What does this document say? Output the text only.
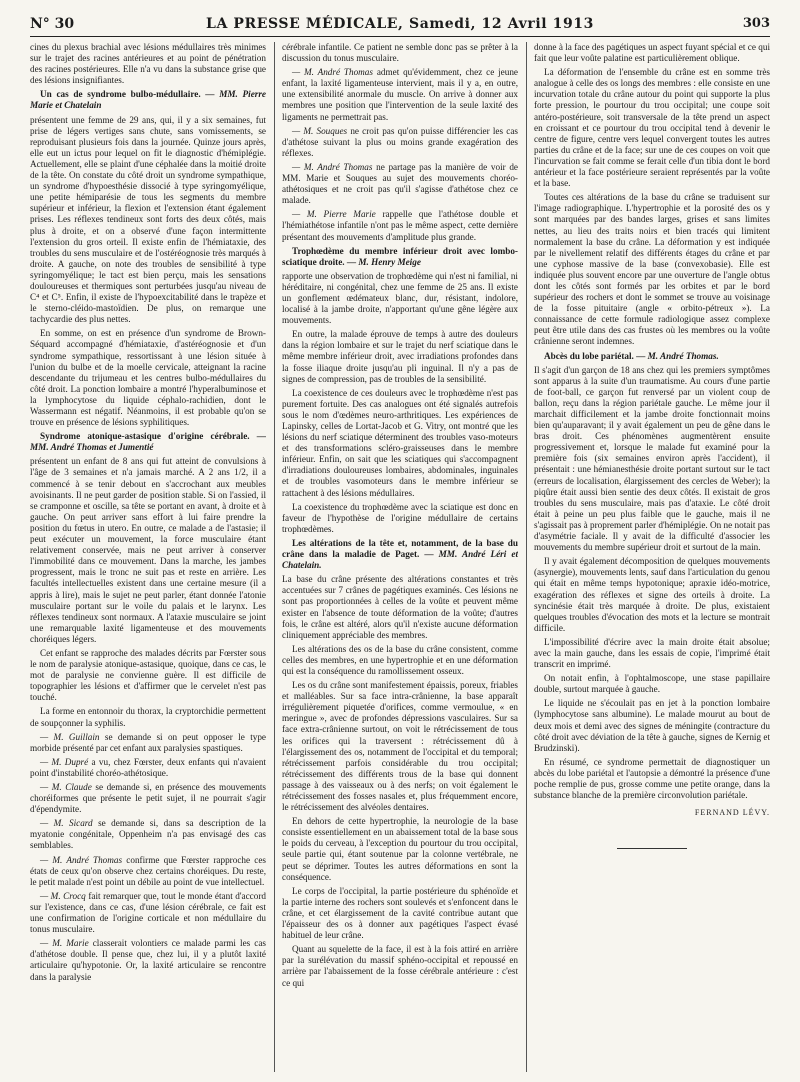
N° 30	LA PRESSE MÉDICALE, Samedi, 12 Avril 1913	303

cines du plexus brachial avec lésions médullaires très minimes sur le trajet des racines antérieures et au point de pénétration des racines postérieures. Elle n'a vu dans la substance grise que des lésions insignifiantes.

Un cas de syndrome bulbo-médullaire. — MM. Pierre Marie et Chatelain

présentent une femme de 29 ans, qui, il y a six semaines, fut prise de légers vertiges sans chute, sans vomissements, se reproduisant plusieurs fois dans la journée. Quinze jours après, elle eut un ictus pour lequel on fit le diagnostic d'hémiplégie. Actuellement, elle se plaint d'une céphalée dans la moitié droite de la tête. On constate du côté droit un syndrome sympathique, un syndrome d'hypoesthésie dissocié à type syringomyélique, une petite hémiparésie de tous les segments du membre supérieur et inférieur, la flexion et l'extension étant également prises. Les réflexes tendineux sont forts des deux côtés, mais plus à droite, et on a observé d'une façon intermittente l'extension du gros orteil. Il existe enfin de l'hémiataxie, des troubles du sens musculaire et de l'ostéréognosie très marqués à droite. A gauche, on note des troubles de sensibilité à type syringomyélique; le tact est bien perçu, mais les sensations douloureuses et thermiques sont perturbées jusqu'au niveau de C⁴ et C⁵. Enfin, il existe de l'hypoexcitabilité dans le trapèze et le sterno-cléido-mastoïdien. De plus, on remarque une tachycardie des plus nettes.

En somme, on est en présence d'un syndrome de Brown-Séquard accompagné d'hémiataxie, d'astéréognosie et d'un syndrome sympathique, ressortissant à une lésion située à l'union du bulbe et de la moelle cervicale, atteignant la racine descendante du trijumeau et les centres bulbo-médullaires du côté droit. La ponction lombaire a montré l'hyperalbuminose et la lymphocytose du liquide céphalo-rachidien, dont le Wassermann est négatif. Néanmoins, il est probable qu'on se trouve en présence de lésions syphilitiques.

Syndrome atonique-astasique d'origine cérébrale. — MM. André Thomas et Jumentié

présentent un enfant de 8 ans qui fut atteint de convulsions à l'âge de 3 semaines et n'a jamais marché. A 2 ans 1/2, il a commencé à se tenir debout en s'accrochant aux meubles avoisinants. Il ne peut garder de position stable. Si on l'assied, il se cramponne et oscille, sa tête se portant en avant, à droite et à gauche. On peut arriver sans effort à lui faire prendre la position du fœtus in utero. En outre, ce malade a de l'astasie; il peut exécuter un mouvement, la force musculaire étant relativement conservée, mais ne peut arriver à conserver l'immobilité dans ce mouvement. Dans la marche, les jambes progressent, mais le tronc ne suit pas et reste en arrière. Les facultés intellectuelles existent dans une certaine mesure (il a appris à lire), mais le sujet ne peut parler, étant donnée l'atonie musculaire portant sur le voile du palais et le larynx. Les réflexes tendineux sont normaux. A l'ataxie musculaire se joint une remarquable laxité ligamenteuse et des mouvements choréiques légers.

Cet enfant se rapproche des malades décrits par Fœrster sous le nom de paralysie atonique-astasique, quoique, dans ce cas, le mot de paralysie ne convienne guère. Il est difficile de topographier les lésions et d'affirmer que le cervelet n'est pas touché.

La forme en entonnoir du thorax, la cryptorchidie permettent de soupçonner la syphilis.

— M. Guillain se demande si on peut opposer le type morbide présenté par cet enfant aux paralysies spastiques.

— M. Dupré a vu, chez Fœrster, deux enfants qui n'avaient point d'instabilité choréo-athétosique.

— M. Claude se demande si, en présence des mouvements choréiformes que présente le petit sujet, il ne pourrait s'agir d'épendymite.

— M. Sicard se demande si, dans sa description de la myatonie congénitale, Oppenheim n'a pas envisagé des cas semblables.

— M. André Thomas confirme que Fœrster rapproche ces états de ceux qu'on observe chez certains choréiques. Du reste, le petit malade n'est point un débile au point de vue intellectuel.

— M. Crocq fait remarquer que, tout le monde étant d'accord sur l'existence, dans ce cas, d'une lésion cérébrale, ce fait est une confirmation de l'origine corticale et non médullaire du tonus musculaire.

— M. Marie classerait volontiers ce malade parmi les cas d'athétose double. Il pense que, chez lui, il y a plutôt laxité articulaire qu'hypotonie. Or, la laxité articulaire se rencontre dans la paralysie

cérébrale infantile. Ce patient ne semble donc pas se prêter à la discussion du tonus musculaire.

— M. André Thomas admet qu'évidemment, chez ce jeune enfant, la laxité ligamenteuse intervient, mais il y a, en outre, une extensibilité anormale du muscle. On arrive à donner aux membres une position que l'intervention de la seule laxité des ligaments ne permettrait pas.

— M. Souques ne croit pas qu'on puisse différencier les cas d'athétose suivant la plus ou moins grande exagération des réflexes.

— M. André Thomas ne partage pas la manière de voir de MM. Marie et Souques au sujet des mouvements choréo-athétosiques et ne croit pas qu'il s'agisse d'athétose chez ce malade.

— M. Pierre Marie rappelle que l'athétose double et l'hémiathétose infantile n'ont pas le même aspect, cette dernière présentant des mouvements d'amplitude plus grande.

Trophœdème du membre inférieur droit avec lombo-sciatique droite. — M. Henry Meige

rapporte une observation de trophœdème qui n'est ni familial, ni héréditaire, ni congénital, chez une femme de 25 ans. Il existe un gonflement œdémateux blanc, dur, résistant, indolore, localisé à la jambe droite, n'apportant qu'une gêne légère aux mouvements.

En outre, la malade éprouve de temps à autre des douleurs dans la région lombaire et sur le trajet du nerf sciatique dans le même membre inférieur droit, avec irradiations profondes dans la fosse iliaque droite jusqu'au pli inguinal. Il n'y a pas de signes de compression, pas de troubles de la sensibilité.

La coexistence de ces douleurs avec le trophœdème n'est pas purement fortuite. Des cas analogues ont été signalés autrefois sous le nom d'œdèmes neuro-arthritiques. Les expériences de Lapinsky, celles de Lortat-Jacob et G. Vitry, ont montré que les lésions du nerf sciatique déterminent des troubles vaso-moteurs et des transformations scléro-graisseuses dans le membre inférieur. Enfin, on sait que les sciatiques qui s'accompagnent d'irradiations douloureuses lombaires, abdominales, inguinales et de troubles vasomoteurs dans le membre inférieur se rattachent à des lésions médullaires.

La coexistence du trophœdème avec la sciatique est donc en faveur de l'hypothèse de l'origine médullaire de certains trophœdèmes.

Les altérations de la tête et, notamment, de la base du crâne dans la maladie de Paget. — MM. André Léri et Chatelain.

La base du crâne présente des altérations constantes et très accentuées sur 7 crânes de pagétiques examinés. Ces lésions ne sont pas proportionnées à celles de la voûte et peuvent même exister en l'absence de toute déformation de la voûte; d'autres fois, le crâne est altéré, alors qu'il n'existe aucune déformation cliniquement appréciable des membres.

Les altérations des os de la base du crâne consistent, comme celles des membres, en une hypertrophie et en une déformation qui est la conséquence du ramollissement osseux.

Les os du crâne sont manifestement épaissis, poreux, friables et malléables. Sur sa face intra-crânienne, la base apparaît irrégulièrement piquetée d'orifices, comme vermoulue, « en meringue », avec de profondes dépressions vasculaires. Sur sa face extra-crânienne surtout, on voit le rétrécissement de tous les orifices qui la traversent : rétrécissement dû à l'élargissement des os, notamment de l'occipital et du temporal; rétrécissement parfois considérable du trou occipital; rétrécissement des différents trous de la base qui donnent passage à des vaisseaux ou à des nerfs; on voit également le rétrécissement des fosses nasales et, plus fréquemment encore, le rétrécissement des alvéoles dentaires.

En dehors de cette hypertrophie, la neurologie de la base consiste essentiellement en un abaissement total de la base sous le poids du cerveau, à l'exception du pourtour du trou occipital, seule partie qui, étant soutenue par la colonne vertébrale, ne peut se déprimer. Toutes les autres déformations en sont la conséquence.

Le corps de l'occipital, la partie postérieure du sphénoïde et la partie interne des rochers sont soulevés et s'enfoncent dans le crâne, et cet élargissement de la cavité contribue autant que l'épaisseur des os à donner aux pagétiques l'aspect évasé habituel de leur crâne.

Quant au squelette de la face, il est à la fois attiré en arrière par la surélévation du massif sphéno-occipital et repoussé en arrière par l'abaissement de la fosse cérébrale antérieure : c'est ce qui

donne à la face des pagétiques un aspect fuyant spécial et ce qui fait que leur voûte palatine est particulièrement oblique.

La déformation de l'ensemble du crâne est en somme très analogue à celle des os longs des membres : elle consiste en une incurvation totale du crâne autour du point qui supporte la plus forte pression, le pourtour du trou occipital; une coupe soit antéro-postérieure, soit transversale de la tête prend un aspect en croissant et ce pourtour du trou occipital tend à devenir le centre de figure, centre vers lequel convergent toutes les autres parties du crâne et de la face; sur une de ces coupes on voit que l'incurvation se fait comme se ferait celle d'un tibia dont le bord antérieur et la face postérieure seraient représentés par la voûte et la base.

Toutes ces altérations de la base du crâne se traduisent sur l'image radiographique. L'hypertrophie et la porosité des os y sont marquées par des bandes larges, grises et sans limites nettes, au lieu des traits noirs et bien tracés qui limitent normalement la base du crâne. La déformation y est indiquée par le nivellement relatif des différents étages du crâne et par une cyphose massive de la base (convexobasie). Elle est indiquée plus souvent encore par une ouverture de l'angle obtus dont les côtés sont formés par les orbites et par le bord supérieur des rochers et dont le sommet se trouve au voisinage de la fosse pituitaire (angle « orbito-pétreux »). La connaissance de cette formule radiologique assez complexe peut être utile dans des cas frustes où les membres ou la voûte crânienne seront indemnes.

Abcès du lobe pariétal. — M. André Thomas.

Il s'agit d'un garçon de 18 ans chez qui les premiers symptômes sont apparus à la suite d'un traumatisme. Au cours d'une partie de foot-ball, ce garçon fut renversé par un violent coup de ballon, reçu dans la région pariétale gauche. Le même jour il marchait difficilement et la jambe droite fonctionnait moins bien qu'auparavant; il y avait également un peu de gêne dans le bras droit. Ces phénomènes augmentèrent ensuite progressivement et, lorsque le malade fut examiné pour la première fois (six semaines environ après l'accident), il présentait : une hémianesthésie droite portant surtout sur le tact (erreurs de localisation, élargissement des cercles de Weber); la piqûre était aussi bien sentie des deux côtés. Il existait de gros troubles du sens musculaire, mais pas d'ataxie. Le côté droit était à peine un peu plus faible que le gauche, mais il ne s'agissait pas à proprement parler d'hémiplégie. On ne notait pas d'asymétrie faciale. Il y avait de la difficulté d'associer les mouvements du membre supérieur droit et surtout de la main.

Il y avait également décomposition de quelques mouvements (asynergie), mouvements lents, sauf dans l'articulation du genou qui était en même temps hypotonique; apraxie idéo-motrice, exagération des réflexes et signe des orteils à droite. La syncinésie était très marquée à droite. De plus, existaient quelques troubles d'évocation des mots et la lecture se montrait difficile.

L'impossibilité d'écrire avec la main droite était absolue; avec la main gauche, dans les essais de copie, l'imprimé était transcrit en imprimé.

On notait enfin, à l'ophtalmoscope, une stase papillaire double, surtout marquée à gauche.

Le liquide ne s'écoulait pas en jet à la ponction lombaire (lymphocytose sans albumine). Le malade mourut au bout de deux mois et demi avec des signes de méningite (contracture du côté droit avec déviation de la tête à gauche, signes de Kernig et Brudzinski).

En résumé, ce syndrome permettait de diagnostiquer un abcès du lobe pariétal et l'autopsie a démontré la présence d'une poche remplie de pus, grosse comme une petite orange, dans la substance blanche de la première circonvolution pariétale.

FERNAND LÉVY.
